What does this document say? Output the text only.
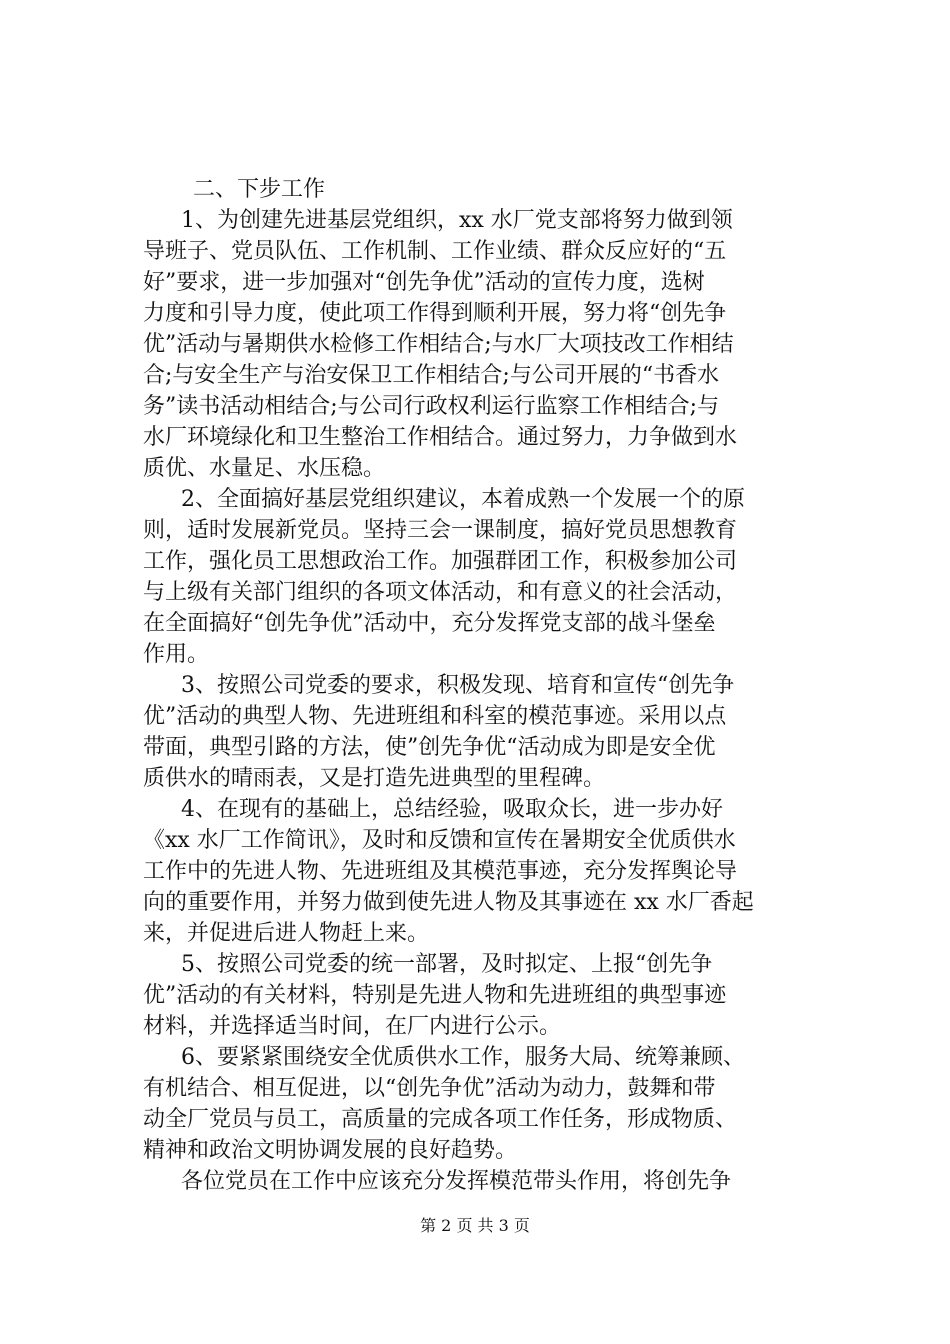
二、下步工作
1、为创建先进基层党组织，xx 水厂党支部将努力做到领
导班子、党员队伍、工作机制、工作业绩、群众反应好的“五
好”要求，进一步加强对“创先争优”活动的宣传力度，选树
力度和引导力度，使此项工作得到顺利开展，努力将“创先争
优”活动与暑期供水检修工作相结合;与水厂大项技改工作相结
合;与安全生产与治安保卫工作相结合;与公司开展的“书香水
务”读书活动相结合;与公司行政权利运行监察工作相结合;与
水厂环境绿化和卫生整治工作相结合。通过努力，力争做到水
质优、水量足、水压稳。
2、全面搞好基层党组织建议，本着成熟一个发展一个的原
则，适时发展新党员。坚持三会一课制度，搞好党员思想教育
工作，强化员工思想政治工作。加强群团工作，积极参加公司
与上级有关部门组织的各项文体活动，和有意义的社会活动，
在全面搞好“创先争优”活动中，充分发挥党支部的战斗堡垒
作用。
3、按照公司党委的要求，积极发现、培育和宣传“创先争
优”活动的典型人物、先进班组和科室的模范事迹。采用以点
带面，典型引路的方法，使”创先争优“活动成为即是安全优
质供水的晴雨表，又是打造先进典型的里程碑。
4、在现有的基础上，总结经验，吸取众长，进一步办好
《xx 水厂工作简讯》，及时和反馈和宣传在暑期安全优质供水
工作中的先进人物、先进班组及其模范事迹，充分发挥舆论导
向的重要作用，并努力做到使先进人物及其事迹在 xx 水厂香起
来，并促进后进人物赶上来。
5、按照公司党委的统一部署，及时拟定、上报“创先争
优”活动的有关材料，特别是先进人物和先进班组的典型事迹
材料，并选择适当时间，在厂内进行公示。
6、要紧紧围绕安全优质供水工作，服务大局、统筹兼顾、
有机结合、相互促进，以“创先争优”活动为动力，鼓舞和带
动全厂党员与员工，高质量的完成各项工作任务，形成物质、
精神和政治文明协调发展的良好趋势。
各位党员在工作中应该充分发挥模范带头作用，将创先争
第 2 页 共 3 页
